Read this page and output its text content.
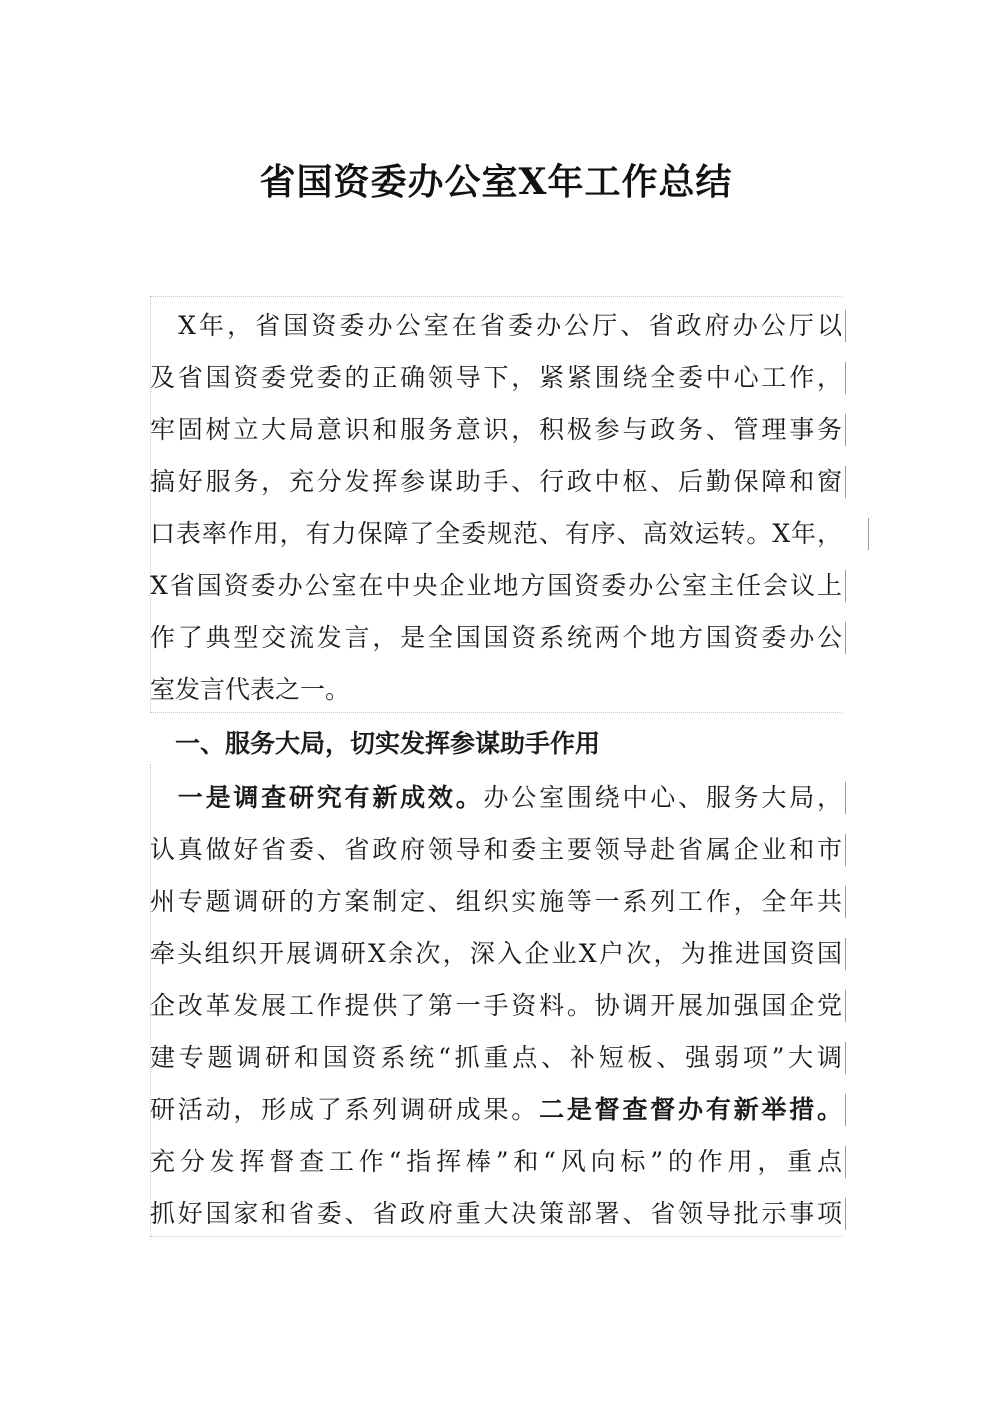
省国资委办公室X年工作总结
　X年，省国资委办公室在省委办公厅、省政府办公厅以
及省国资委党委的正确领导下，紧紧围绕全委中心工作，
牢固树立大局意识和服务意识，积极参与政务、管理事务
搞好服务，充分发挥参谋助手、行政中枢、后勤保障和窗
口表率作用，有力保障了全委规范、有序、高效运转。X年，
X省国资委办公室在中央企业地方国资委办公室主任会议上
作了典型交流发言，是全国国资系统两个地方国资委办公
室发言代表之一。
　一、服务大局，切实发挥参谋助手作用
　一是调查研究有新成效。办公室围绕中心、服务大局，
认真做好省委、省政府领导和委主要领导赴省属企业和市
州专题调研的方案制定、组织实施等一系列工作，全年共
牵头组织开展调研X余次，深入企业X户次，为推进国资国
企改革发展工作提供了第一手资料。协调开展加强国企党
建专题调研和国资系统“抓重点、补短板、强弱项”大调
研活动，形成了系列调研成果。二是督查督办有新举措。
充分发挥督查工作“指挥棒”和“风向标”的作用，重点
抓好国家和省委、省政府重大决策部署、省领导批示事项
